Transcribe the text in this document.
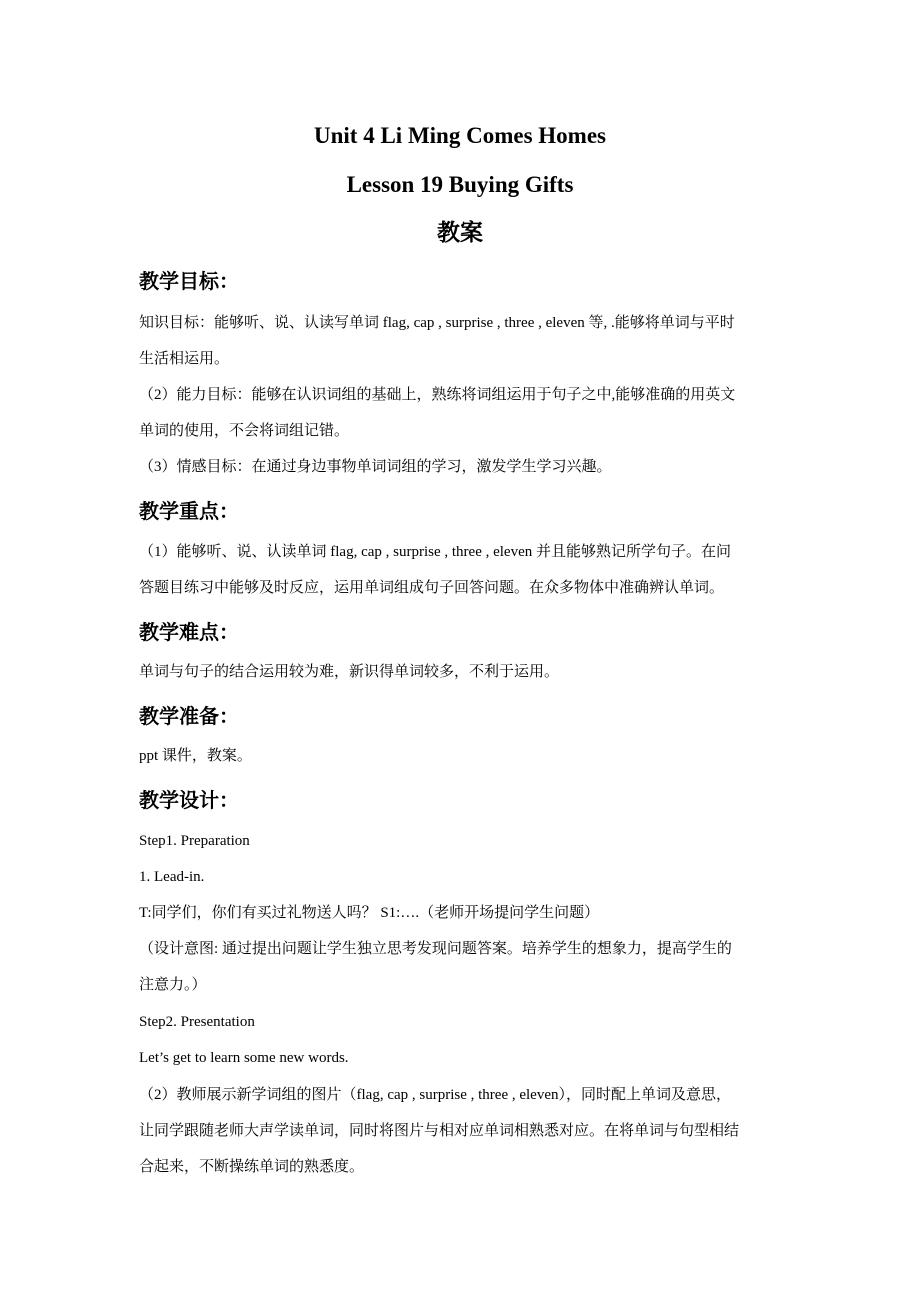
Unit 4 Li Ming Comes Homes
Lesson 19 Buying Gifts
教案
教学目标：
知识目标：能够听、说、认读写单词 flag, cap , surprise , three , eleven 等, .能够将单词与平时
生活相运用。
（2）能力目标：能够在认识词组的基础上，熟练将词组运用于句子之中,能够准确的用英文
单词的使用，不会将词组记错。
（3）情感目标：在通过身边事物单词词组的学习，激发学生学习兴趣。
教学重点：
（1）能够听、说、认读单词 flag, cap , surprise , three , eleven 并且能够熟记所学句子。在问
答题目练习中能够及时反应，运用单词组成句子回答问题。在众多物体中准确辨认单词。
教学难点：
单词与句子的结合运用较为难，新识得单词较多，不利于运用。
教学准备：
ppt 课件，教案。
教学设计：
Step1. Preparation
1. Lead-in.
T:同学们，你们有买过礼物送人吗？ S1:….（老师开场提问学生问题）
（设计意图: 通过提出问题让学生独立思考发现问题答案。培养学生的想象力，提高学生的
注意力。）
Step2. Presentation
Let’s get to learn some new words.
（2）教师展示新学词组的图片（flag, cap , surprise , three , eleven），同时配上单词及意思，
让同学跟随老师大声学读单词，同时将图片与相对应单词相熟悉对应。在将单词与句型相结
合起来，不断操练单词的熟悉度。
